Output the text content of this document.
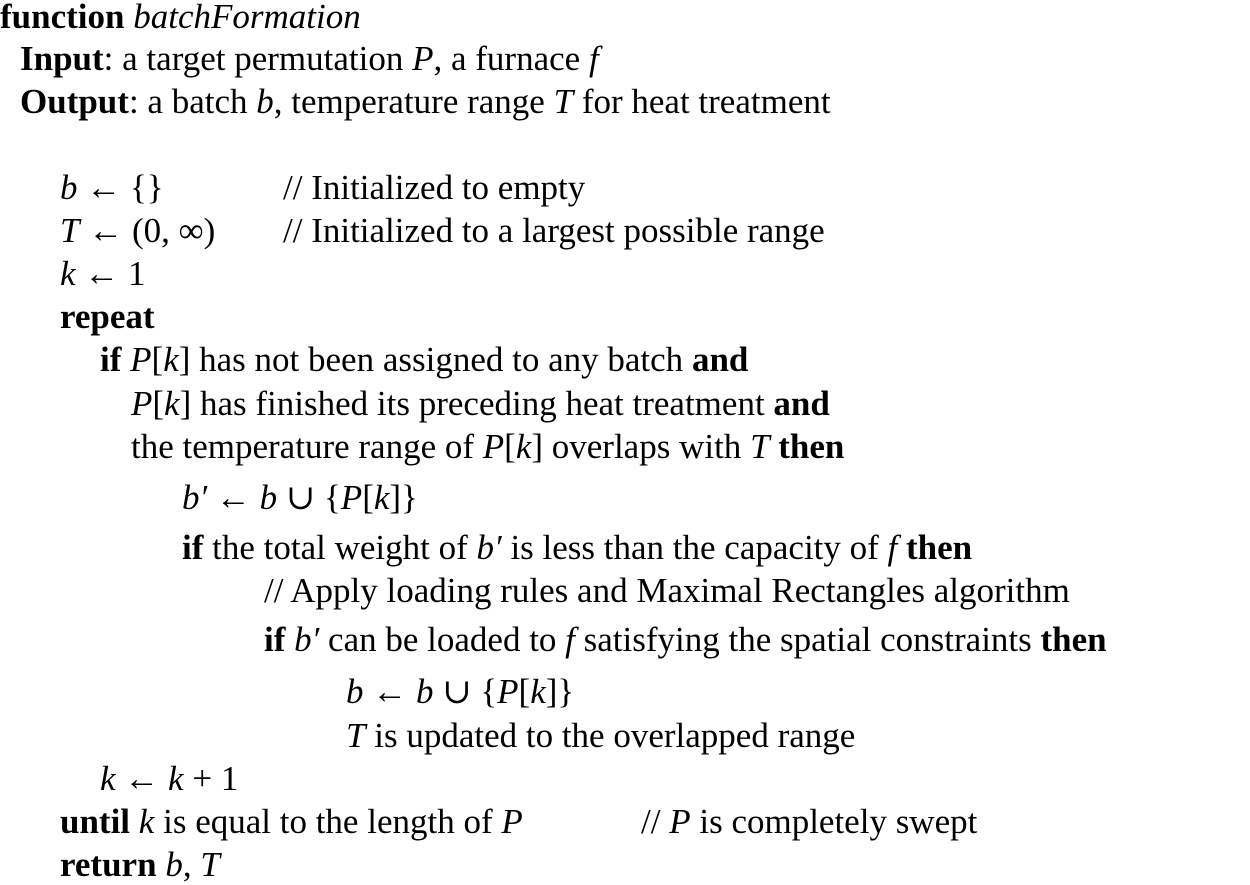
function batchFormation
Input: a target permutation P, a furnace f
Output: a batch b, temperature range T for heat treatment
b ← {}	// Initialized to empty
T ← (0, ∞) // Initialized to a largest possible range
k ← 1
repeat
if P[k] has not been assigned to any batch and
P[k] has finished its preceding heat treatment and
the temperature range of P[k] overlaps with T then
b′ ← b ∪ {P[k]}
if the total weight of b′ is less than the capacity of f then
// Apply loading rules and Maximal Rectangles algorithm
if b′ can be loaded to f satisfying the spatial constraints then
b ← b ∪ {P[k]}
T is updated to the overlapped range
k ← k + 1
until k is equal to the length of P	// P is completely swept
return b, T
